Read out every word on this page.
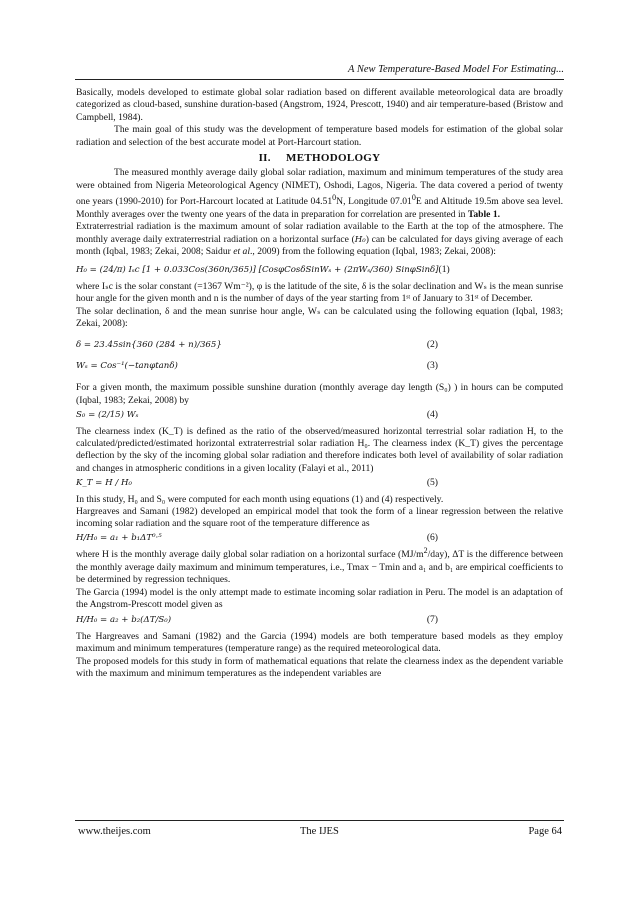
A New Temperature-Based Model For Estimating...

Basically, models developed to estimate global solar radiation based on different available meteorological data are broadly categorized as cloud-based, sunshine duration-based (Angstrom, 1924, Prescott, 1940) and air temperature-based (Bristow and Campbell, 1984).

The main goal of this study was the development of temperature based models for estimation of the global solar radiation and selection of the best accurate model at Port-Harcourt station.

II. METHODOLOGY

The measured monthly average daily global solar radiation, maximum and minimum temperatures of the study area were obtained from Nigeria Meteorological Agency (NIMET), Oshodi, Lagos, Nigeria. The data covered a period of twenty one years (1990-2010) for Port-Harcourt located at Latitude 04.51$^0$N, Longitude 07.01$^0$E and Altitude 19.5m above sea level. Monthly averages over the twenty one years of the data in preparation for correlation are presented in Table 1.

Extraterrestrial radiation is the maximum amount of solar radiation available to the Earth at the top of the atmosphere. The monthly average daily extraterrestrial radiation on a horizontal surface (H₀) can be calculated for days giving average of each month (Iqbal, 1983; Zekai, 2008; Saidur et al., 2009) from the following equation (Iqbal, 1983; Zekai, 2008):

H₀ = (24/π) Iₛc [1 + 0.033Cos(360n/365)] [CosφCosδSinWₛ + (2πWₛ/360) SinφSinδ] (1)

where Iₛc is the solar constant (=1367 Wm⁻²), φ is the latitude of the site, δ is the solar declination and Wₛ is the mean sunrise hour angle for the given month and n is the number of days of the year starting from 1ˢᵗ of January to 31ˢᵗ of December.

The solar declination, δ and the mean sunrise hour angle, Wₛ can be calculated using the following equation (Iqbal, 1983; Zekai, 2008):

δ = 23.45sin{360 (284 + n)/365}	(2)
Wₛ = Cos⁻¹(−tanφtanδ)	(3)

For a given month, the maximum possible sunshine duration (monthly average day length (S₀) ) in hours can be computed (Iqbal, 1983; Zekai, 2008) by

S₀ = (2/15) Wₛ	(4)

The clearness index (K_T) is defined as the ratio of the observed/measured horizontal terrestrial solar radiation H, to the calculated/predicted/estimated horizontal extraterrestrial solar radiation H₀. The clearness index (K_T) gives the percentage deflection by the sky of the incoming global solar radiation and therefore indicates both level of availability of solar radiation and changes in atmospheric conditions in a given locality (Falayi et al., 2011)

K_T = H / H₀	(5)

In this study, H₀ and S₀ were computed for each month using equations (1) and (4) respectively.

Hargreaves and Samani (1982) developed an empirical model that took the form of a linear regression between the relative incoming solar radiation and the square root of the temperature difference as

H/H₀ = a₁ + b₁ΔT⁰·⁵	(6)

where H is the monthly average daily global solar radiation on a horizontal surface $(MJ/m^2/day)$, ΔT is the difference between the monthly average daily maximum and minimum temperatures, i.e., Tmax − Tmin and a₁ and b₁ are empirical coefficients to be determined by regression techniques.

The Garcia (1994) model is the only attempt made to estimate incoming solar radiation in Peru. The model is an adaptation of the Angstrom-Prescott model given as

H/H₀ = a₂ + b₂(ΔT/S₀)	(7)

The Hargreaves and Samani (1982) and the Garcia (1994) models are both temperature based models as they employ maximum and minimum temperatures (temperature range) as the required meteorological data.

The proposed models for this study in form of mathematical equations that relate the clearness index as the dependent variable with the maximum and minimum temperatures as the independent variables are

www.theijes.com	The IJES	Page 64
